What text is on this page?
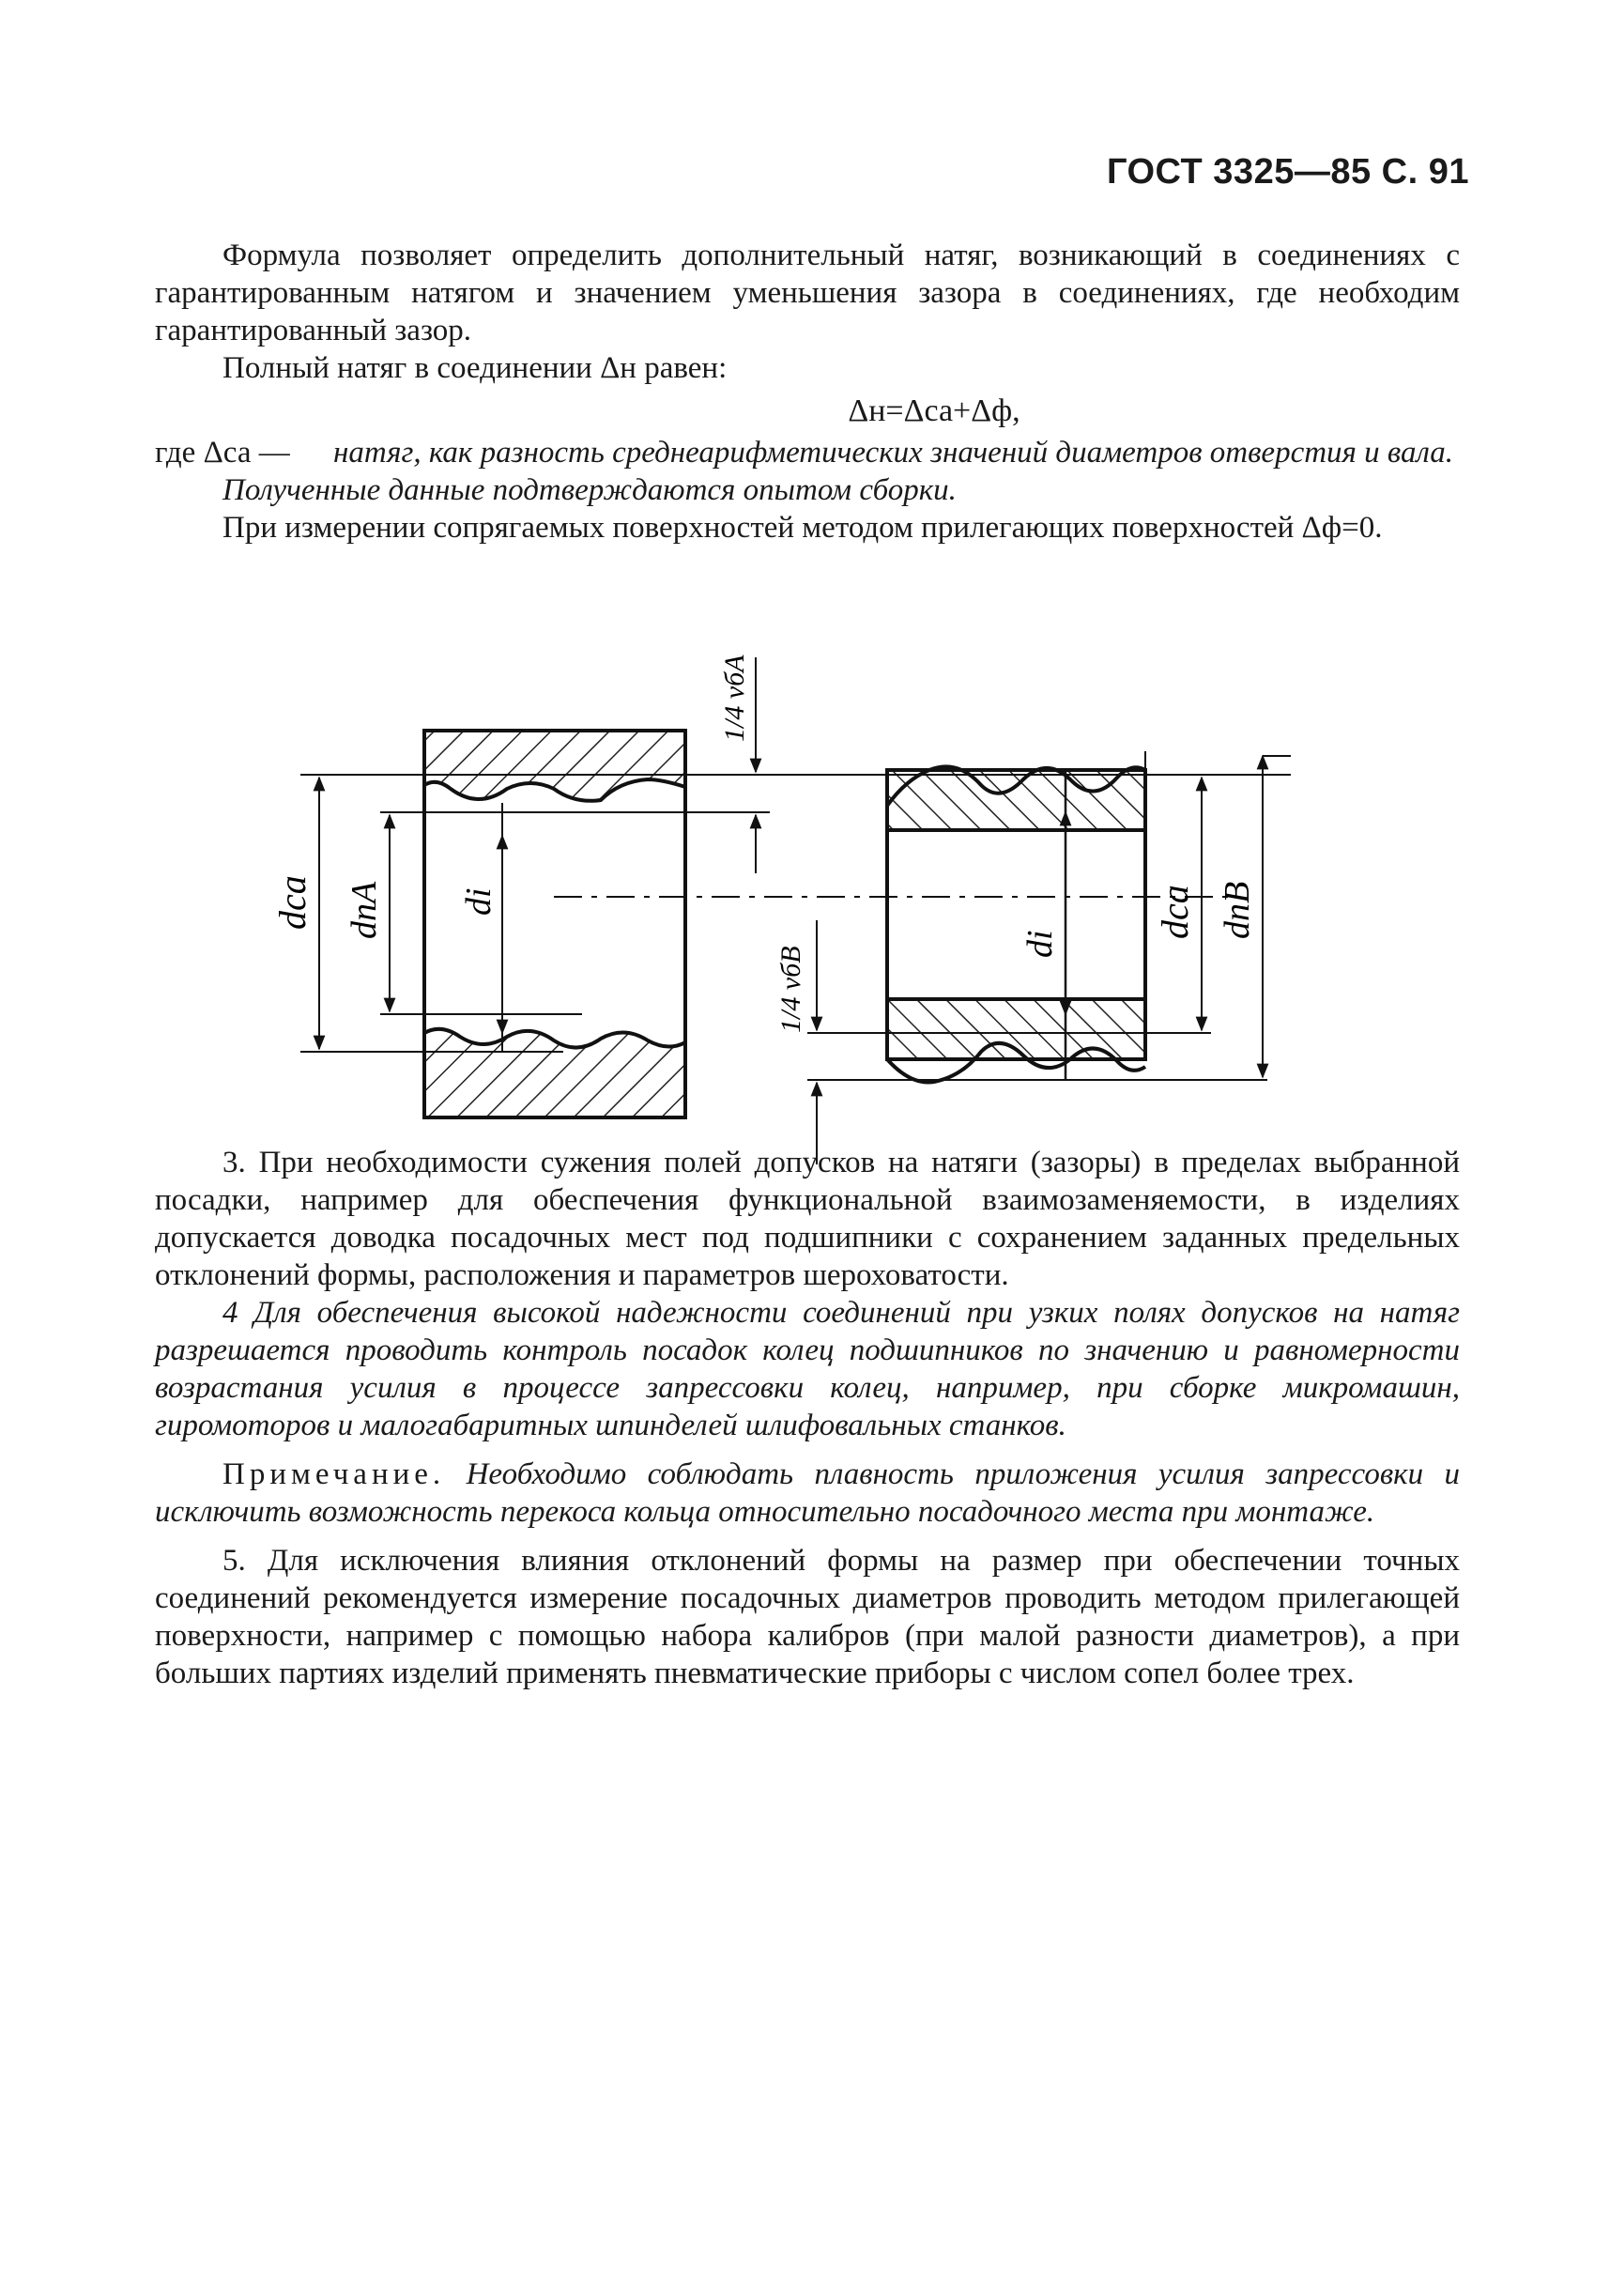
ГОСТ 3325—85 С. 91

Формула позволяет определить дополнительный натяг, возникающий в соединениях с гарантированным натягом и значением уменьшения зазора в соединениях, где необходим гарантированный зазор.

Полный натяг в соединении Δн равен:

Δн=Δса+Δф,
где Δса —	натяг, как разность среднеарифметических значений диаметров отверстия и вала.

Полученные данные подтверждаются опытом сборки.

При измерении сопрягаемых поверхностей методом прилегающих поверхностей Δф=0.

dca dпA di
1/4 vбA
1/4 vбB
di
dca dпB

3. При необходимости сужения полей допусков на натяги (зазоры) в пределах выбранной посадки, например для обеспечения функциональной взаимозаменяемости, в изделиях допускается доводка посадочных мест под подшипники с сохранением заданных предельных отклонений формы, расположения и параметров шероховатости.

4 Для обеспечения высокой надежности соединений при узких полях допусков на натяг разрешается проводить контроль посадок колец подшипников по значению и равномерности возрастания усилия в процессе запрессовки колец, например, при сборке микромашин, гиромоторов и малогабаритных шпинделей шлифовальных станков.

Примечание. Необходимо соблюдать плавность приложения усилия запрессовки и исключить возможность перекоса кольца относительно посадочного места при монтаже.

5. Для исключения влияния отклонений формы на размер при обеспечении точных соединений рекомендуется измерение посадочных диаметров проводить методом прилегающей поверхности, например с помощью набора калибров (при малой разности диаметров), а при больших партиях изделий применять пневматические приборы с числом сопел более трех.
